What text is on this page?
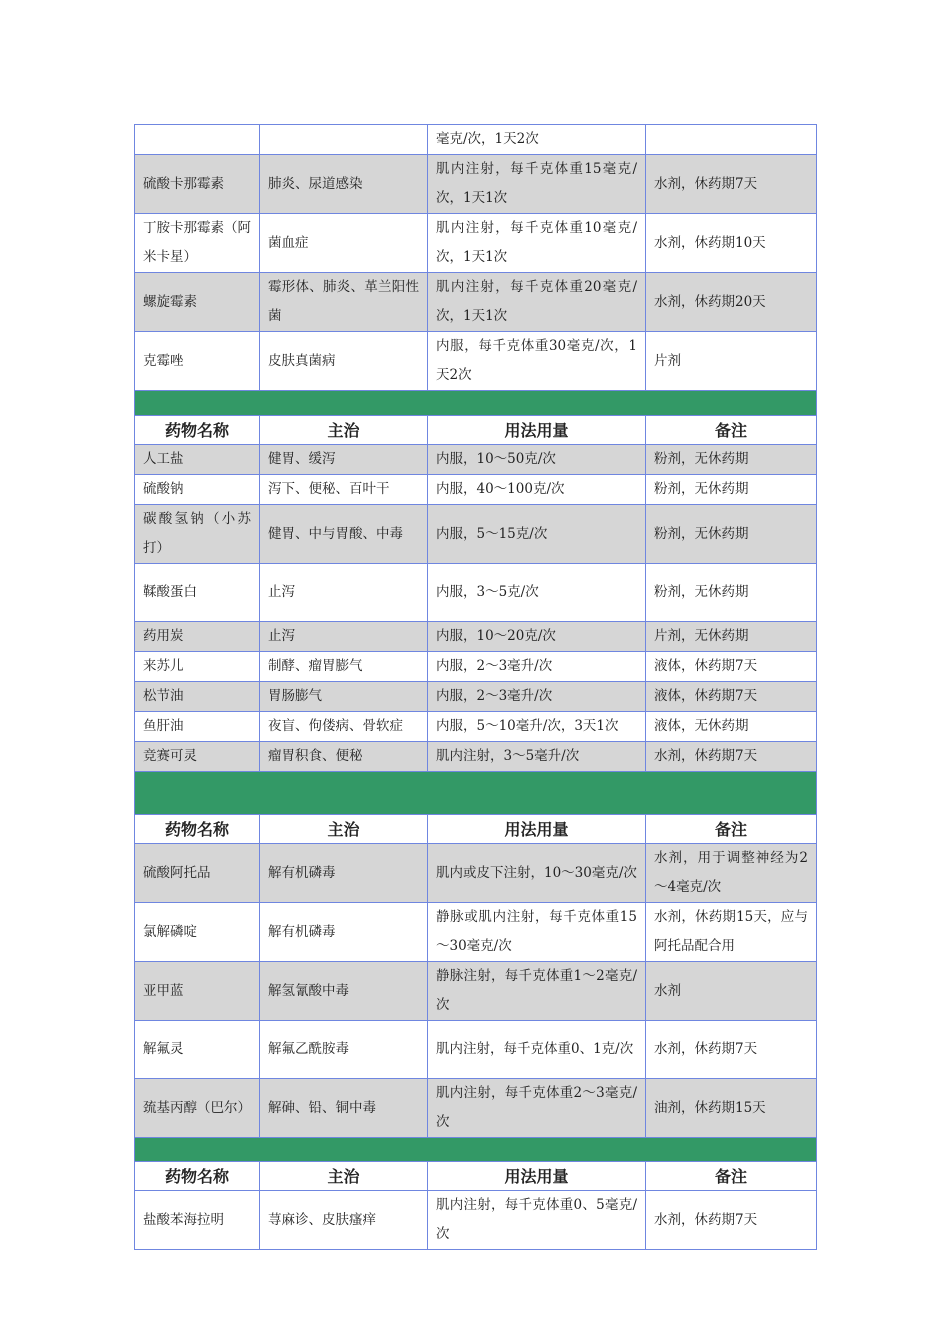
		毫克/次，1天2次	
硫酸卡那霉素	肺炎、尿道感染	肌内注射，每千克体重15毫克/次，1天1次	水剂，休药期7天
丁胺卡那霉素（阿米卡星）	菌血症	肌内注射，每千克体重10毫克/次，1天1次	水剂，休药期10天
螺旋霉素	霉形体、肺炎、革兰阳性菌	肌内注射，每千克体重20毫克/次，1天1次	水剂，休药期20天
克霉唑	皮肤真菌病	内服，每千克体重30毫克/次，1天2次	片剂

药物名称	主治	用法用量	备注
人工盐	健胃、缓泻	内服，10～50克/次	粉剂，无休药期
硫酸钠	泻下、便秘、百叶干	内服，40～100克/次	粉剂，无休药期
碳酸氢钠（小苏打）	健胃、中与胃酸、中毒	内服，5～15克/次	粉剂，无休药期
鞣酸蛋白	止泻	内服，3～5克/次	粉剂，无休药期
药用炭	止泻	内服，10～20克/次	片剂，无休药期
来苏儿	制酵、瘤胃膨气	内服，2～3毫升/次	液体，休药期7天
松节油	胃肠膨气	内服，2～3毫升/次	液体，休药期7天
鱼肝油	夜盲、佝偻病、骨软症	内服，5～10毫升/次，3天1次	液体，无休药期
竞赛可灵	瘤胃积食、便秘	肌内注射，3～5毫升/次	水剂，休药期7天

药物名称	主治	用法用量	备注
硫酸阿托品	解有机磷毒	肌内或皮下注射，10～30毫克/次	水剂，用于调整神经为2～4毫克/次
氯解磷啶	解有机磷毒	静脉或肌内注射，每千克体重15～30毫克/次	水剂，休药期15天，应与阿托品配合用
亚甲蓝	解氢氰酸中毒	静脉注射，每千克体重1～2毫克/次	水剂
解氟灵	解氟乙酰胺毒	肌内注射，每千克体重0、1克/次	水剂，休药期7天
巯基丙醇（巴尔）	解砷、铅、铜中毒	肌内注射，每千克体重2～3毫克/次	油剂，休药期15天

药物名称	主治	用法用量	备注
盐酸苯海拉明	荨麻诊、皮肤瘙痒	肌内注射，每千克体重0、5毫克/次	水剂，休药期7天
